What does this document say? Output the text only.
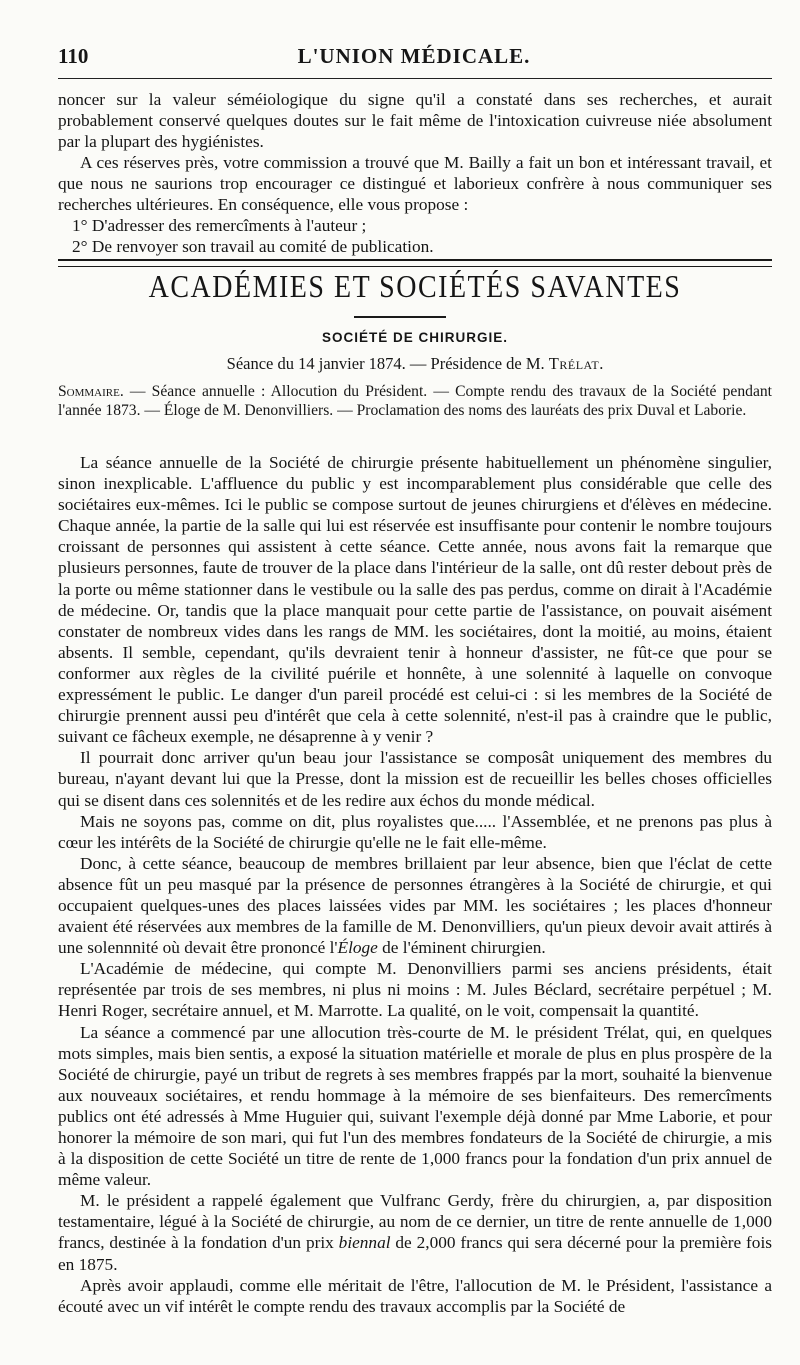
110	L'UNION MÉDICALE.

noncer sur la valeur séméiologique du signe qu'il a constaté dans ses recherches, et aurait probablement conservé quelques doutes sur le fait même de l'intoxication cuivreuse niée absolument par la plupart des hygiénistes.

A ces réserves près, votre commission a trouvé que M. Bailly a fait un bon et intéressant travail, et que nous ne saurions trop encourager ce distingué et laborieux confrère à nous communiquer ses recherches ultérieures. En conséquence, elle vous propose :

1° D'adresser des remercîments à l'auteur ;

2° De renvoyer son travail au comité de publication.

ACADÉMIES ET SOCIÉTÉS SAVANTES
SOCIÉTÉ DE CHIRURGIE.
Séance du 14 janvier 1874. — Présidence de M. Trélat.

Sommaire. — Séance annuelle : Allocution du Président. — Compte rendu des travaux de la Société pendant l'année 1873. — Éloge de M. Denonvilliers. — Proclamation des noms des lauréats des prix Duval et Laborie.

La séance annuelle de la Société de chirurgie présente habituellement un phénomène singulier, sinon inexplicable. L'affluence du public y est incomparablement plus considérable que celle des sociétaires eux-mêmes. Ici le public se compose surtout de jeunes chirurgiens et d'élèves en médecine. Chaque année, la partie de la salle qui lui est réservée est insuffisante pour contenir le nombre toujours croissant de personnes qui assistent à cette séance. Cette année, nous avons fait la remarque que plusieurs personnes, faute de trouver de la place dans l'intérieur de la salle, ont dû rester debout près de la porte ou même stationner dans le vestibule ou la salle des pas perdus, comme on dirait à l'Académie de médecine. Or, tandis que la place manquait pour cette partie de l'assistance, on pouvait aisément constater de nombreux vides dans les rangs de MM. les sociétaires, dont la moitié, au moins, étaient absents. Il semble, cependant, qu'ils devraient tenir à honneur d'assister, ne fût-ce que pour se conformer aux règles de la civilité puérile et honnête, à une solennité à laquelle on convoque expressément le public. Le danger d'un pareil procédé est celui-ci : si les membres de la Société de chirurgie prennent aussi peu d'intérêt que cela à cette solennité, n'est-il pas à craindre que le public, suivant ce fâcheux exemple, ne désaprenne à y venir ?

Il pourrait donc arriver qu'un beau jour l'assistance se composât uniquement des membres du bureau, n'ayant devant lui que la Presse, dont la mission est de recueillir les belles choses officielles qui se disent dans ces solennités et de les redire aux échos du monde médical.

Mais ne soyons pas, comme on dit, plus royalistes que..... l'Assemblée, et ne prenons pas plus à cœur les intérêts de la Société de chirurgie qu'elle ne le fait elle-même.

Donc, à cette séance, beaucoup de membres brillaient par leur absence, bien que l'éclat de cette absence fût un peu masqué par la présence de personnes étrangères à la Société de chirurgie, et qui occupaient quelques-unes des places laissées vides par MM. les sociétaires ; les places d'honneur avaient été réservées aux membres de la famille de M. Denonvilliers, qu'un pieux devoir avait attirés à une solennnité où devait être prononcé l'Éloge de l'éminent chirurgien.

L'Académie de médecine, qui compte M. Denonvilliers parmi ses anciens présidents, était représentée par trois de ses membres, ni plus ni moins : M. Jules Béclard, secrétaire perpétuel ; M. Henri Roger, secrétaire annuel, et M. Marrotte. La qualité, on le voit, compensait la quantité.

La séance a commencé par une allocution très-courte de M. le président Trélat, qui, en quelques mots simples, mais bien sentis, a exposé la situation matérielle et morale de plus en plus prospère de la Société de chirurgie, payé un tribut de regrets à ses membres frappés par la mort, souhaité la bienvenue aux nouveaux sociétaires, et rendu hommage à la mémoire de ses bienfaiteurs. Des remercîments publics ont été adressés à Mme Huguier qui, suivant l'exemple déjà donné par Mme Laborie, et pour honorer la mémoire de son mari, qui fut l'un des membres fondateurs de la Société de chirurgie, a mis à la disposition de cette Société un titre de rente de 1,000 francs pour la fondation d'un prix annuel de même valeur.

M. le président a rappelé également que Vulfranc Gerdy, frère du chirurgien, a, par disposition testamentaire, légué à la Société de chirurgie, au nom de ce dernier, un titre de rente annuelle de 1,000 francs, destinée à la fondation d'un prix biennal de 2,000 francs qui sera décerné pour la première fois en 1875.

Après avoir applaudi, comme elle méritait de l'être, l'allocution de M. le Président, l'assistance a écouté avec un vif intérêt le compte rendu des travaux accomplis par la Société de
